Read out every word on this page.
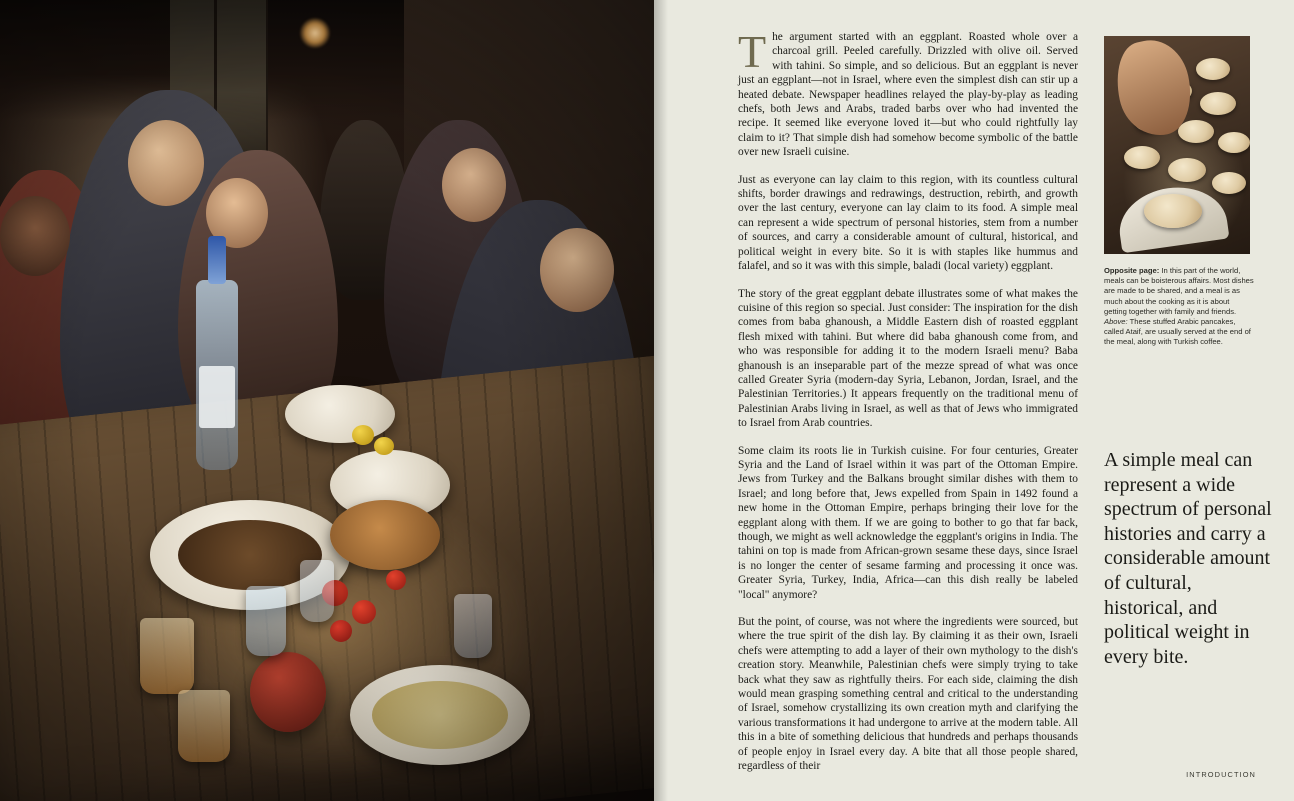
The argument started with an eggplant. Roasted whole over a charcoal grill. Peeled carefully. Drizzled with olive oil. Served with tahini. So simple, and so delicious. But an eggplant is never just an eggplant—not in Israel, where even the simplest dish can stir up a heated debate. Newspaper headlines relayed the play-by-play as leading chefs, both Jews and Arabs, traded barbs over who had invented the recipe. It seemed like everyone loved it—but who could rightfully lay claim to it? That simple dish had somehow become symbolic of the battle over new Israeli cuisine.

Just as everyone can lay claim to this region, with its countless cultural shifts, border drawings and redrawings, destruction, rebirth, and growth over the last century, everyone can lay claim to its food. A simple meal can represent a wide spectrum of personal histories, stem from a number of sources, and carry a considerable amount of cultural, historical, and political weight in every bite. So it is with staples like hummus and falafel, and so it was with this simple, baladi (local variety) eggplant.

The story of the great eggplant debate illustrates some of what makes the cuisine of this region so special. Just consider: The inspiration for the dish comes from baba ghanoush, a Middle Eastern dish of roasted eggplant flesh mixed with tahini. But where did baba ghanoush come from, and who was responsible for adding it to the modern Israeli menu? Baba ghanoush is an inseparable part of the mezze spread of what was once called Greater Syria (modern-day Syria, Lebanon, Jordan, Israel, and the Palestinian Territories.) It appears frequently on the traditional menu of Palestinian Arabs living in Israel, as well as that of Jews who immigrated to Israel from Arab countries.

Some claim its roots lie in Turkish cuisine. For four centuries, Greater Syria and the Land of Israel within it was part of the Ottoman Empire. Jews from Turkey and the Balkans brought similar dishes with them to Israel; and long before that, Jews expelled from Spain in 1492 found a new home in the Ottoman Empire, perhaps bringing their love for the eggplant along with them. If we are going to bother to go that far back, though, we might as well acknowledge the eggplant's origins in India. The tahini on top is made from African-grown sesame these days, since Israel is no longer the center of sesame farming and processing it once was. Greater Syria, Turkey, India, Africa—can this dish really be labeled "local" anymore?

But the point, of course, was not where the ingredients were sourced, but where the true spirit of the dish lay. By claiming it as their own, Israeli chefs were attempting to add a layer of their own mythology to the dish's creation story. Meanwhile, Palestinian chefs were simply trying to take back what they saw as rightfully theirs. For each side, claiming the dish would mean grasping something central and critical to the understanding of Israel, somehow crystallizing its own creation myth and clarifying the various transformations it had undergone to arrive at the modern table. All this in a bite of something delicious that hundreds and perhaps thousands of people enjoy in Israel every day. A bite that all those people shared, regardless of their

Opposite page: In this part of the world, meals can be boisterous affairs. Most dishes are made to be shared, and a meal is as much about the cooking as it is about getting together with family and friends. Above: These stuffed Arabic pancakes, called Ataif, are usually served at the end of the meal, along with Turkish coffee.
A simple meal can represent a wide spectrum of personal histories and carry a considerable amount of cultural, historical, and political weight in every bite.
INTRODUCTION
